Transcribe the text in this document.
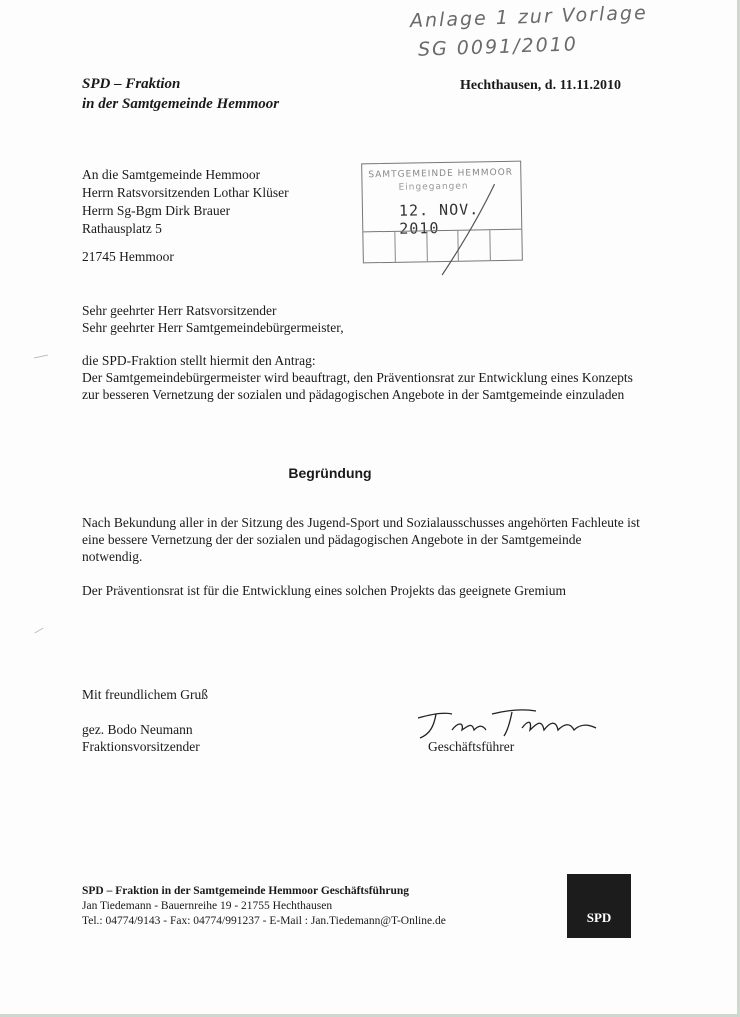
Anlage 1 zur Vorlage
SG 0091/2010
SPD – Fraktion
in der Samtgemeinde Hemmoor
Hechthausen, d. 11.11.2010
An die Samtgemeinde Hemmoor
Herrn Ratsvorsitzenden Lothar Klüser
Herrn Sg-Bgm Dirk Brauer
Rathausplatz 5
21745 Hemmoor
SAMTGEMEINDE HEMMOOR
Eingegangen
12. NOV. 2010
Sehr geehrter Herr Ratsvorsitzender
Sehr geehrter Herr Samtgemeindebürgermeister,
die SPD-Fraktion stellt hiermit den Antrag:
Der Samtgemeindebürgermeister wird beauftragt, den Präventionsrat zur Entwicklung eines Konzepts zur besseren Vernetzung der sozialen und pädagogischen Angebote in der Samtgemeinde einzuladen
Begründung
Nach Bekundung aller in der Sitzung des Jugend-Sport und Sozialausschusses angehörten Fachleute ist eine bessere Vernetzung der der sozialen und pädagogischen Angebote in der Samtgemeinde notwendig.
Der Präventionsrat ist für die Entwicklung eines solchen Projekts das geeignete Gremium
Mit freundlichem Gruß
gez. Bodo Neumann
Fraktionsvorsitzender	Geschäftsführer
SPD – Fraktion in der Samtgemeinde Hemmoor Geschäftsführung
Jan Tiedemann - Bauernreihe 19 - 21755 Hechthausen
Tel.: 04774/9143 - Fax: 04774/991237 - E-Mail : Jan.Tiedemann@T-Online.de	SPD
